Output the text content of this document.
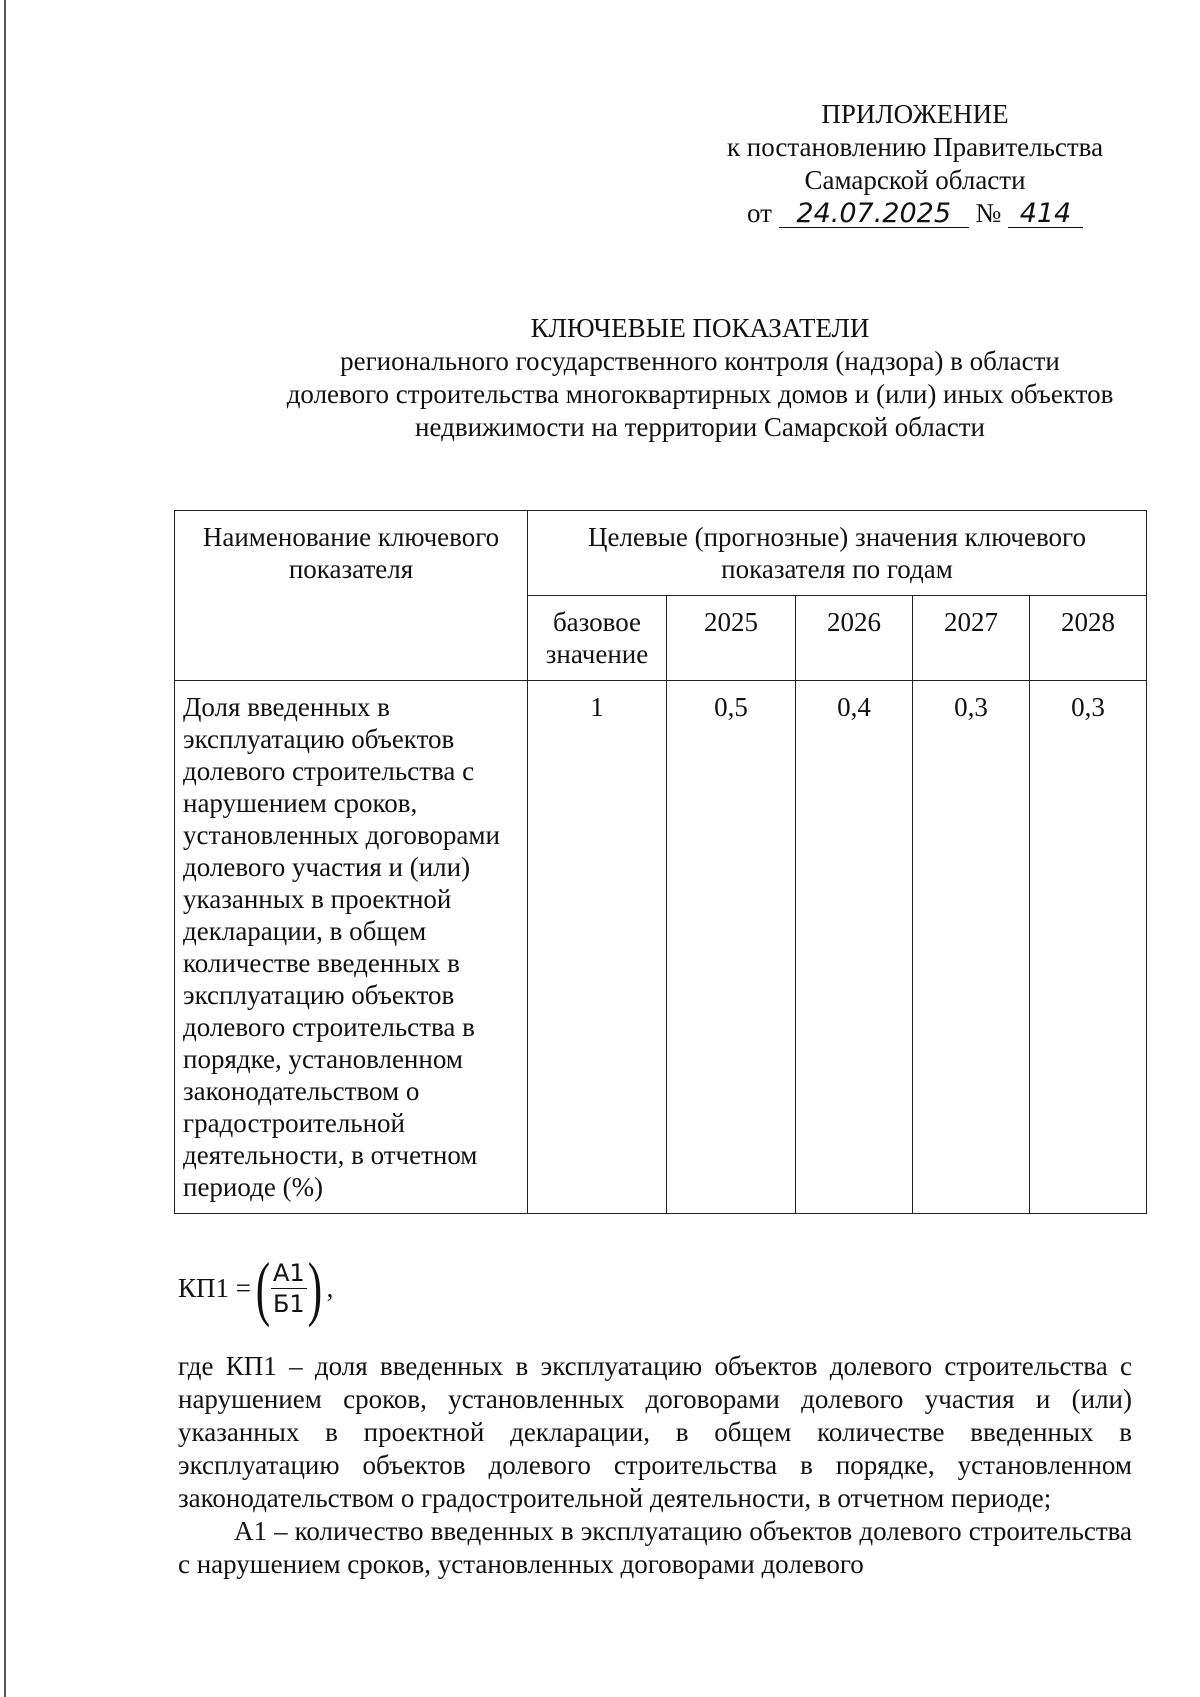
ПРИЛОЖЕНИЕ
к постановлению Правительства
Самарской области
от 24.07.2025 № 414
КЛЮЧЕВЫЕ ПОКАЗАТЕЛИ
регионального государственного контроля (надзора) в области
долевого строительства многоквартирных домов и (или) иных объектов
недвижимости на территории Самарской области
Наименование ключевого показателя	Целевые (прогнозные) значения ключевого показателя по годам				
	базовое значение	2025	2026	2027	2028
Доля введенных в эксплуатацию объектов долевого строительства с нарушением сроков, установленных договорами долевого участия и (или) указанных в проектной декларации, в общем количестве введенных в эксплуатацию объектов долевого строительства в порядке, установленном законодательством о градостроительной деятельности, в отчетном периоде (%)	1	0,5	0,4	0,3	0,3
КП1 = ( $\frac{А1}{Б1}$ ) ,

где КП1 – доля введенных в эксплуатацию объектов долевого строительства с нарушением сроков, установленных договорами долевого участия и (или) указанных в проектной декларации, в общем количестве введенных в эксплуатацию объектов долевого строительства в порядке, установленном законодательством о градостроительной деятельности, в отчетном периоде;

А1 – количество введенных в эксплуатацию объектов долевого строительства с нарушением сроков, установленных договорами долевого
